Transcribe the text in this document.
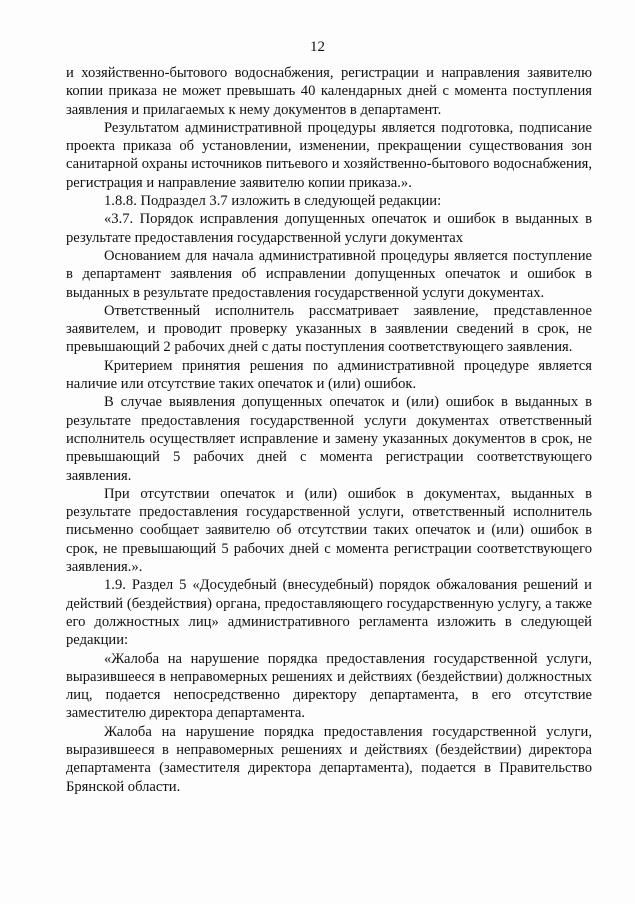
12

и хозяйственно-бытового водоснабжения, регистрации и направления заявителю копии приказа не может превышать 40 календарных дней с момента поступления заявления и прилагаемых к нему документов в департамент.

Результатом административной процедуры является подготовка, подписание проекта приказа об установлении, изменении, прекращении существования зон санитарной охраны источников питьевого и хозяйственно-бытового водоснабжения, регистрация и направление заявителю копии приказа.».

1.8.8. Подраздел 3.7 изложить в следующей редакции:

«3.7. Порядок исправления допущенных опечаток и ошибок в выданных в результате предоставления государственной услуги документах

Основанием для начала административной процедуры является поступление в департамент заявления об исправлении допущенных опечаток и ошибок в выданных в результате предоставления государственной услуги документах.

Ответственный исполнитель рассматривает заявление, представленное заявителем, и проводит проверку указанных в заявлении сведений в срок, не превышающий 2 рабочих дней с даты поступления соответствующего заявления.

Критерием принятия решения по административной процедуре является наличие или отсутствие таких опечаток и (или) ошибок.

В случае выявления допущенных опечаток и (или) ошибок в выданных в результате предоставления государственной услуги документах ответственный исполнитель осуществляет исправление и замену указанных документов в срок, не превышающий 5 рабочих дней с момента регистрации соответствующего заявления.

При отсутствии опечаток и (или) ошибок в документах, выданных в результате предоставления государственной услуги, ответственный исполнитель письменно сообщает заявителю об отсутствии таких опечаток и (или) ошибок в срок, не превышающий 5 рабочих дней с момента регистрации соответствующего заявления.».

1.9. Раздел 5 «Досудебный (внесудебный) порядок обжалования решений и действий (бездействия) органа, предоставляющего государственную услугу, а также его должностных лиц» административного регламента изложить в следующей редакции:

«Жалоба на нарушение порядка предоставления государственной услуги, выразившееся в неправомерных решениях и действиях (бездействии) должностных лиц, подается непосредственно директору департамента, в его отсутствие заместителю директора департамента.

Жалоба на нарушение порядка предоставления государственной услуги, выразившееся в неправомерных решениях и действиях (бездействии) директора департамента (заместителя директора департамента), подается в Правительство Брянской области.
